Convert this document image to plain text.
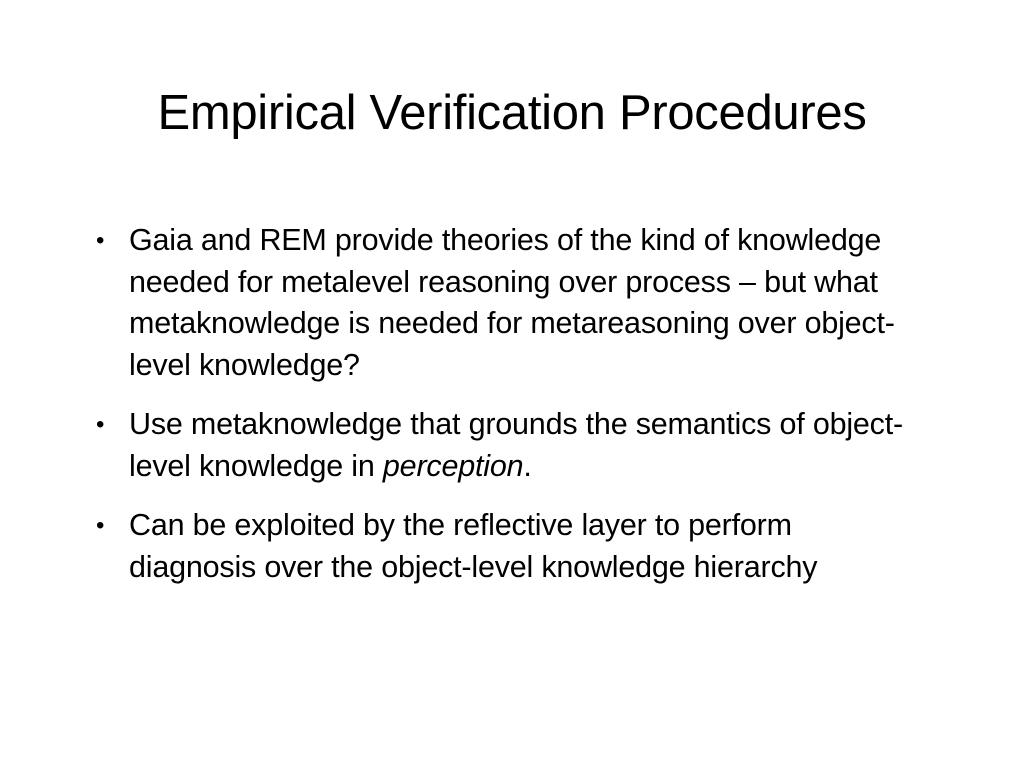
Empirical Verification Procedures
• Gaia and REM provide theories of the kind of knowledge needed for metalevel reasoning over process – but what metaknowledge is needed for metareasoning over object-level knowledge?
• Use metaknowledge that grounds the semantics of object-level knowledge in perception.
• Can be exploited by the reflective layer to perform diagnosis over the object-level knowledge hierarchy
